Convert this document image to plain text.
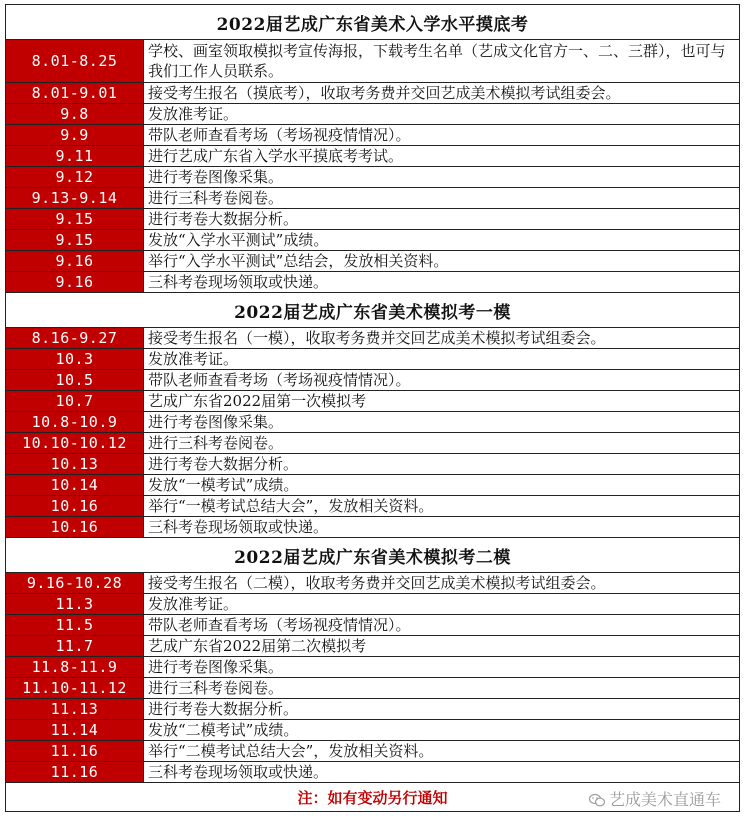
2022届艺成广东省美术入学水平摸底考	
8.01-8.25	学校、画室领取模拟考宣传海报，下载考生名单（艺成文化官方一、二、三群），也可与我们工作人员联系。
8.01-9.01	接受考生报名（摸底考），收取考务费并交回艺成美术模拟考试组委会。
9.8	发放准考证。
9.9	带队老师查看考场（考场视疫情情况）。
9.11	进行艺成广东省入学水平摸底考考试。
9.12	进行考卷图像采集。
9.13-9.14	进行三科考卷阅卷。
9.15	进行考卷大数据分析。
9.15	发放“入学水平测试”成绩。
9.16	举行“入学水平测试”总结会，发放相关资料。
9.16	三科考卷现场领取或快递。
2022届艺成广东省美术模拟考一模	
8.16-9.27	接受考生报名（一模），收取考务费并交回艺成美术模拟考试组委会。
10.3	发放准考证。
10.5	带队老师查看考场（考场视疫情情况）。
10.7	艺成广东省2022届第一次模拟考
10.8-10.9	进行考卷图像采集。
10.10-10.12	进行三科考卷阅卷。
10.13	进行考卷大数据分析。
10.14	发放“一模考试”成绩。
10.16	举行“一模考试总结大会”，发放相关资料。
10.16	三科考卷现场领取或快递。
2022届艺成广东省美术模拟考二模	
9.16-10.28	接受考生报名（二模），收取考务费并交回艺成美术模拟考试组委会。
11.3	发放准考证。
11.5	带队老师查看考场（考场视疫情情况）。
11.7	艺成广东省2022届第二次模拟考
11.8-11.9	进行考卷图像采集。
11.10-11.12	进行三科考卷阅卷。
11.13	进行考卷大数据分析。
11.14	发放“二模考试”成绩。
11.16	举行“二模考试总结大会”，发放相关资料。
11.16	三科考卷现场领取或快递。
注：如有变动另行通知 艺成美术直通车	
